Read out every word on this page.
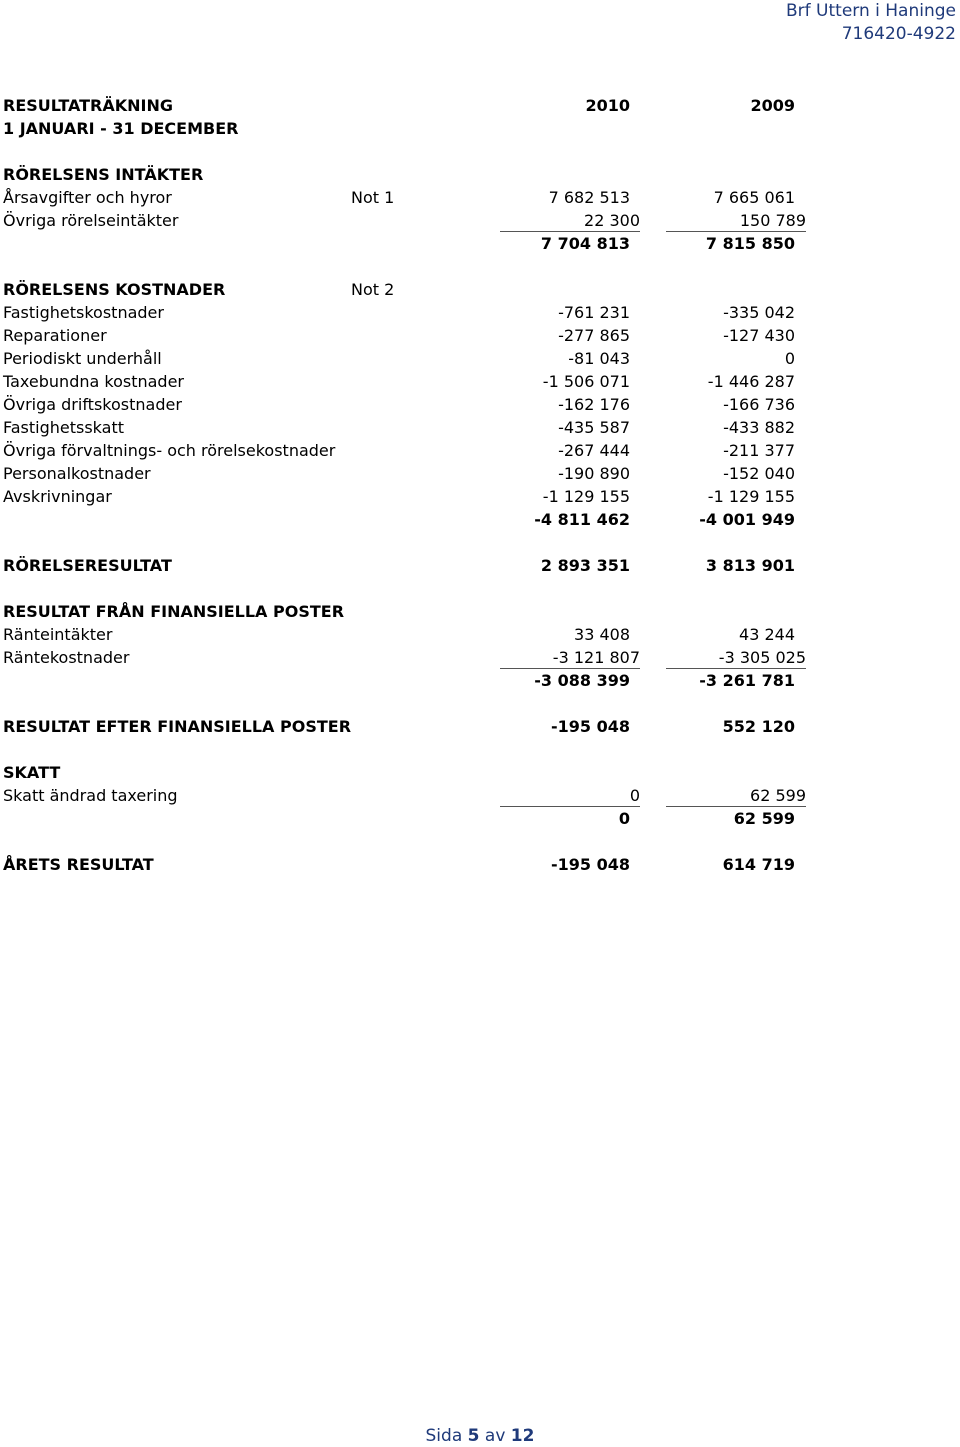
Brf Uttern i Haninge
716420-4922
RESULTATRÄKNING	2010	2009
1 JANUARI - 31 DECEMBER
RÖRELSENS INTÄKTER
Årsavgifter och hyror	Not 1	7 682 513	7 665 061
Övriga rörelseintäkter	22 300	150 789
7 704 813	7 815 850
RÖRELSENS KOSTNADER	Not 2
Fastighetskostnader	-761 231	-335 042
Reparationer	-277 865	-127 430
Periodiskt underhåll	-81 043	0
Taxebundna kostnader	-1 506 071	-1 446 287
Övriga driftskostnader	-162 176	-166 736
Fastighetsskatt	-435 587	-433 882
Övriga förvaltnings- och rörelsekostnader	-267 444	-211 377
Personalkostnader	-190 890	-152 040
Avskrivningar	-1 129 155	-1 129 155
-4 811 462	-4 001 949
RÖRELSERESULTAT	2 893 351	3 813 901
RESULTAT FRÅN FINANSIELLA POSTER
Ränteintäkter	33 408	43 244
Räntekostnader	-3 121 807	-3 305 025
-3 088 399	-3 261 781
RESULTAT EFTER FINANSIELLA POSTER	-195 048	552 120
SKATT
Skatt ändrad taxering	0	62 599
0	62 599
ÅRETS RESULTAT	-195 048	614 719
Sida 5 av 12
